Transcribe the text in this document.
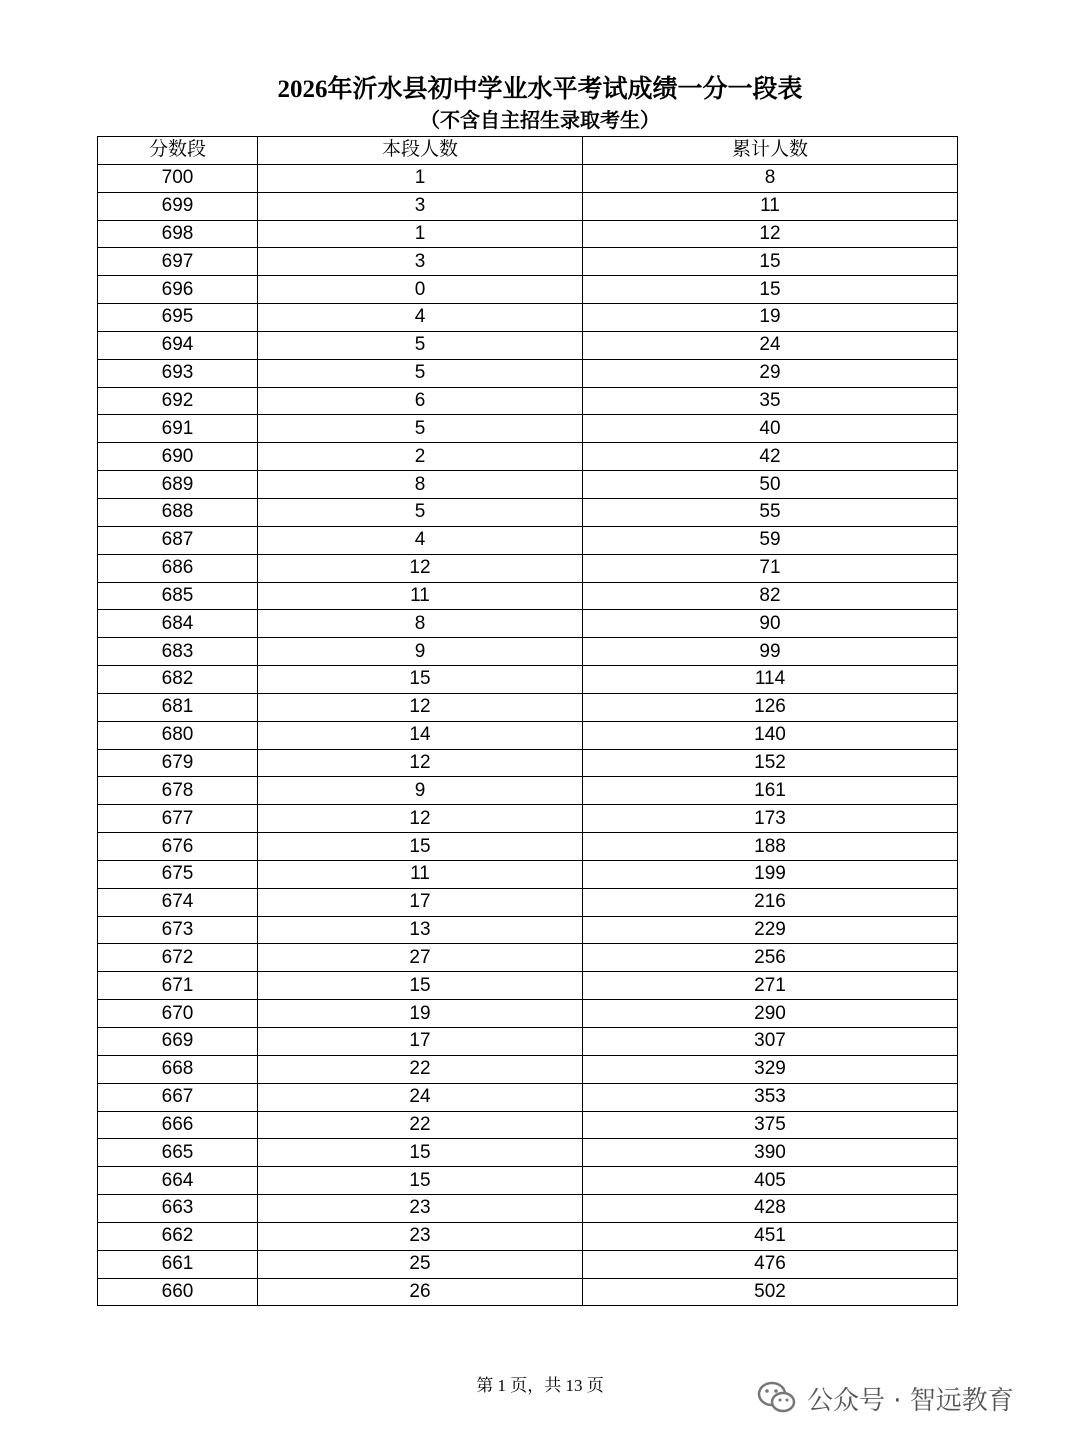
2026年沂水县初中学业水平考试成绩一分一段表
（不含自主招生录取考生）
分数段	本段人数	累计人数
700	1	8
699	3	11
698	1	12
697	3	15
696	0	15
695	4	19
694	5	24
693	5	29
692	6	35
691	5	40
690	2	42
689	8	50
688	5	55
687	4	59
686	12	71
685	11	82
684	8	90
683	9	99
682	15	114
681	12	126
680	14	140
679	12	152
678	9	161
677	12	173
676	15	188
675	11	199
674	17	216
673	13	229
672	27	256
671	15	271
670	19	290
669	17	307
668	22	329
667	24	353
666	22	375
665	15	390
664	15	405
663	23	428
662	23	451
661	25	476
660	26	502
第 1 页，共 13 页	公众号 · 智远教育
